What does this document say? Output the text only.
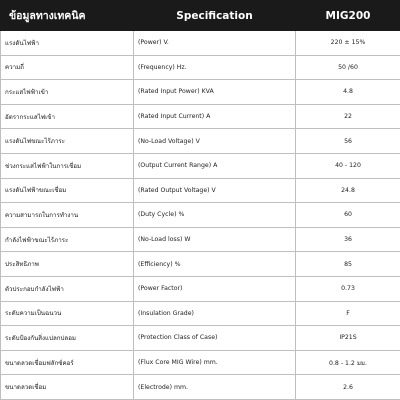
ข้อมูลทางเทคนิค	Specification	MIG200
แรงดันไฟฟ้า	(Power) V.	220 ± 15%
ความถี่	(Frequency) Hz.	50 /60
กระแสไฟฟ้าเข้า	(Rated Input Power) KVA	4.8
อัตรากระแสไฟเข้า	(Rated Input Current) A	22
แรงดันไฟขณะไร้ภาระ	(No-Load Voltage) V	56
ช่วงกระแสไฟฟ้าในการเชื่อม	(Output Current Range) A	40 - 120
แรงดันไฟฟ้าขณะเชื่อม	(Rated Output Voltage) V	24.8
ความสามารถในการทำงาน	(Duty Cycle) %	60
กำลังไฟฟ้าขณะไร้ภาระ	(No-Load loss) W	36
ประสิทธิภาพ	(Efficiency) %	85
ตัวประกอบกำลังไฟฟ้า	(Power Factor)	0.73
ระดับความเป็นฉนวน	(Insulation Grade)	F
ระดับป้องกันสิ่งแปลกปลอม	(Protection Class of Case)	IP21S
ขนาดลวดเชื่อมฟลักซ์คอร์	(Flux Core MIG Wire) mm.	0.8 - 1.2 มม.
ขนาดลวดเชื่อม	(Electrode) mm.	2.6
